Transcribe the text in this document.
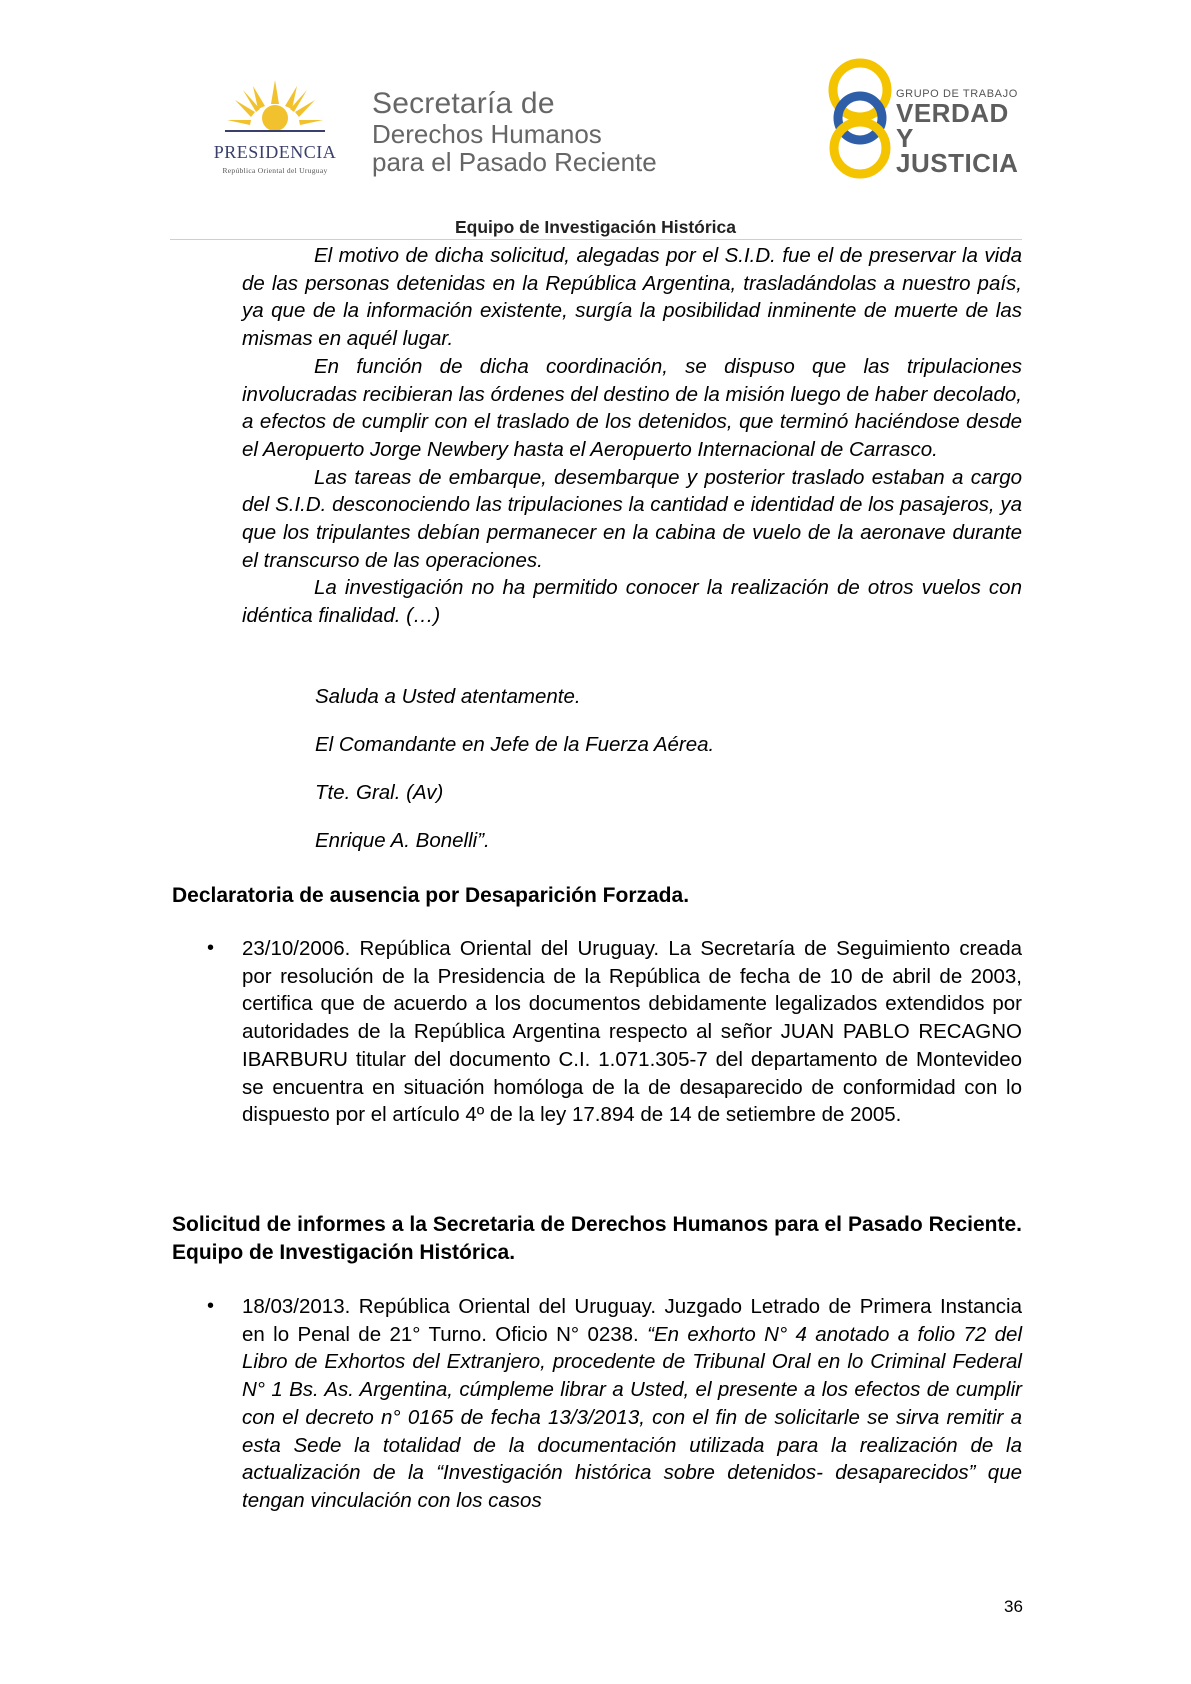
PRESIDENCIA
República Oriental del Uruguay
Secretaría de
Derechos Humanos
para el Pasado Reciente
GRUPO DE TRABAJO
VERDAD Y
JUSTICIA
Equipo de Investigación Histórica

El motivo de dicha solicitud, alegadas por el S.I.D. fue el de preservar la vida de las personas detenidas en la República Argentina, trasladándolas a nuestro país, ya que de la información existente, surgía la posibilidad inminente de muerte de las mismas en aquél lugar.

En función de dicha coordinación, se dispuso que las tripulaciones involucradas recibieran las órdenes del destino de la misión luego de haber decolado, a efectos de cumplir con el traslado de los detenidos, que terminó haciéndose desde el Aeropuerto Jorge Newbery hasta el Aeropuerto Internacional de Carrasco.

Las tareas de embarque, desembarque y posterior traslado estaban a cargo del S.I.D. desconociendo las tripulaciones la cantidad e identidad de los pasajeros, ya que los tripulantes debían permanecer en la cabina de vuelo de la aeronave durante el transcurso de las operaciones.

La investigación no ha permitido conocer la realización de otros vuelos con idéntica finalidad. (…)

Saluda a Usted atentamente.
El Comandante en Jefe de la Fuerza Aérea.
Tte. Gral. (Av)
Enrique A. Bonelli”.
Declaratoria de ausencia por Desaparición Forzada.
• 23/10/2006. República Oriental del Uruguay. La Secretaría de Seguimiento creada por resolución de la Presidencia de la República de fecha de 10 de abril de 2003, certifica que de acuerdo a los documentos debidamente legalizados extendidos por autoridades de la República Argentina respecto al señor JUAN PABLO RECAGNO IBARBURU titular del documento C.I. 1.071.305-7 del departamento de Montevideo se encuentra en situación homóloga de la de desaparecido de conformidad con lo dispuesto por el artículo 4º de la ley 17.894 de 14 de setiembre de 2005.
Solicitud de informes a la Secretaria de Derechos Humanos para el Pasado Reciente. Equipo de Investigación Histórica.
• 18/03/2013. República Oriental del Uruguay. Juzgado Letrado de Primera Instancia en lo Penal de 21° Turno. Oficio N° 0238. “En exhorto N° 4 anotado a folio 72 del Libro de Exhortos del Extranjero, procedente de Tribunal Oral en lo Criminal Federal N° 1 Bs. As. Argentina, cúmpleme librar a Usted, el presente a los efectos de cumplir con el decreto n° 0165 de fecha 13/3/2013, con el fin de solicitarle se sirva remitir a esta Sede la totalidad de la documentación utilizada para la realización de la actualización de la “Investigación histórica sobre detenidos- desaparecidos” que tengan vinculación con los casos
36
